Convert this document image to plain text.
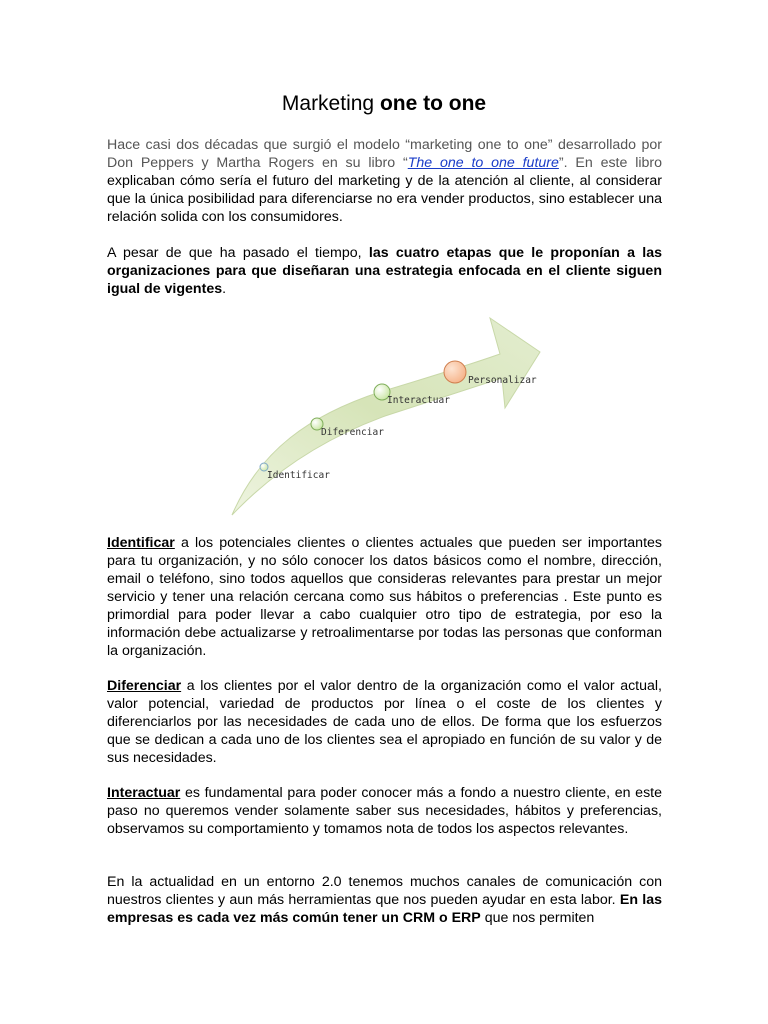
Marketing one to one
Hace casi dos décadas que surgió el modelo “marketing one to one” desarrollado por Don Peppers y Martha Rogers en su libro “The one to one future”. En este libro explicaban cómo sería el futuro del marketing y de la atención al cliente, al considerar que la única posibilidad para diferenciarse no era vender productos, sino establecer una relación solida con los consumidores.
A pesar de que ha pasado el tiempo, las cuatro etapas que le proponían a las organizaciones para que diseñaran una estrategia enfocada en el cliente siguen igual de vigentes.
Identificar
Diferenciar
Interactuar
Personalizar
Identificar a los potenciales clientes o clientes actuales que pueden ser importantes para tu organización, y no sólo conocer los datos básicos como el nombre, dirección, email o teléfono, sino todos aquellos que consideras relevantes para prestar un mejor servicio y tener una relación cercana como sus hábitos o preferencias . Este punto es primordial para poder llevar a cabo cualquier otro tipo de estrategia, por eso la información debe actualizarse y retroalimentarse por todas las personas que conforman la organización.
Diferenciar a los clientes por el valor dentro de la organización como el valor actual, valor potencial, variedad de productos por línea o el coste de los clientes y diferenciarlos por las necesidades de cada uno de ellos. De forma que los esfuerzos que se dedican a cada uno de los clientes sea el apropiado en función de su valor y de sus necesidades.
Interactuar es fundamental para poder conocer más a fondo a nuestro cliente, en este paso no queremos vender solamente saber sus necesidades, hábitos y preferencias, observamos su comportamiento y tomamos nota de todos los aspectos relevantes.
En la actualidad en un entorno 2.0 tenemos muchos canales de comunicación con nuestros clientes y aun más herramientas que nos pueden ayudar en esta labor. En las empresas es cada vez más común tener un CRM o ERP que nos permiten
